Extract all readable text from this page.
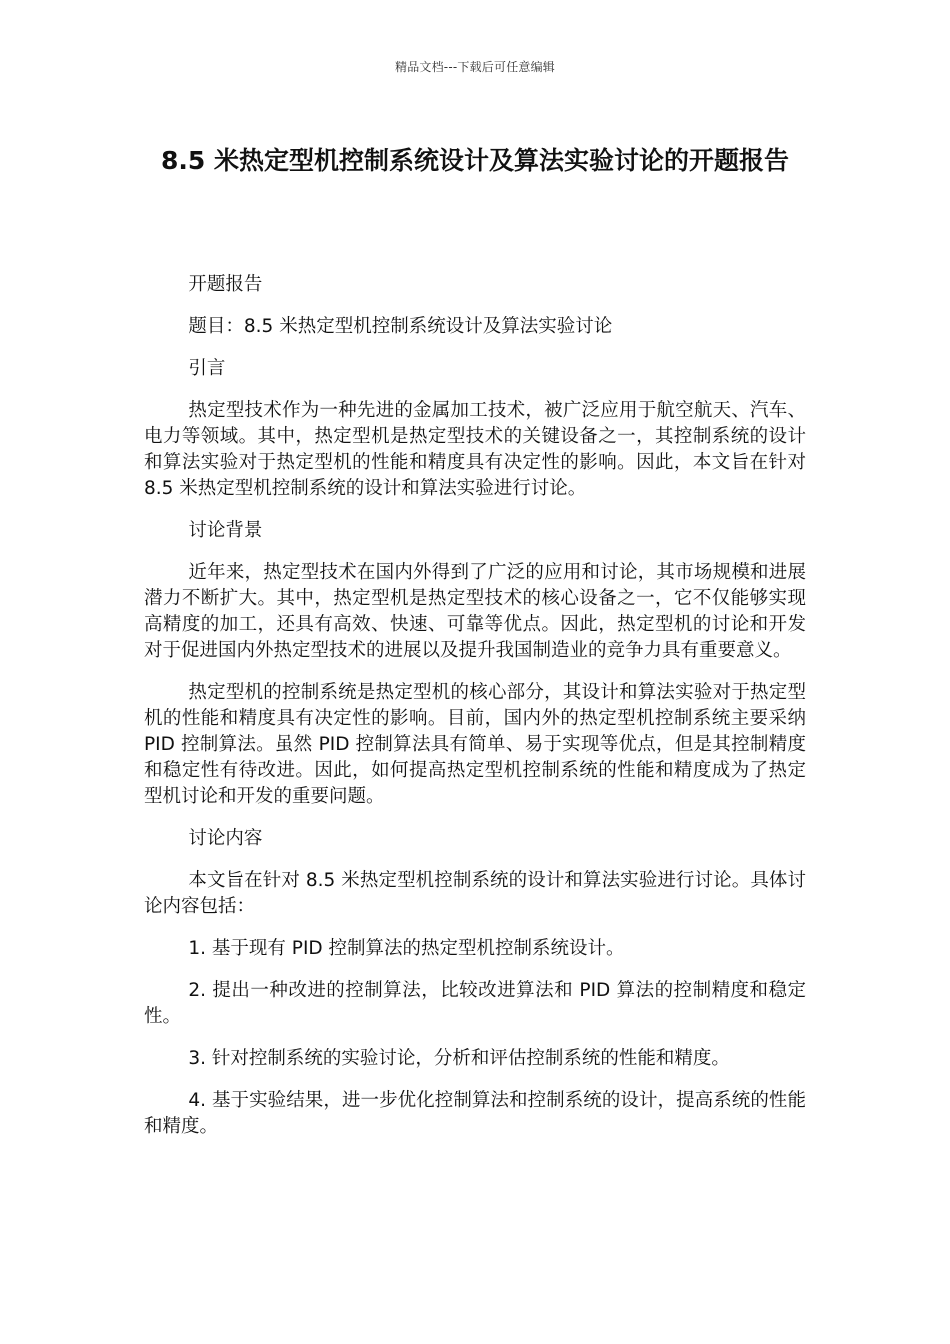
精品文档---下载后可任意编辑
8.5 米热定型机控制系统设计及算法实验讨论的开题报告

开题报告

题目：8.5 米热定型机控制系统设计及算法实验讨论

引言

热定型技术作为一种先进的金属加工技术，被广泛应用于航空航天、汽车、电力等领域。其中，热定型机是热定型技术的关键设备之一，其控制系统的设计和算法实验对于热定型机的性能和精度具有决定性的影响。因此，本文旨在针对 8.5 米热定型机控制系统的设计和算法实验进行讨论。

讨论背景

近年来，热定型技术在国内外得到了广泛的应用和讨论，其市场规模和进展潜力不断扩大。其中，热定型机是热定型技术的核心设备之一，它不仅能够实现高精度的加工，还具有高效、快速、可靠等优点。因此，热定型机的讨论和开发对于促进国内外热定型技术的进展以及提升我国制造业的竞争力具有重要意义。

热定型机的控制系统是热定型机的核心部分，其设计和算法实验对于热定型机的性能和精度具有决定性的影响。目前，国内外的热定型机控制系统主要采纳 PID 控制算法。虽然 PID 控制算法具有简单、易于实现等优点，但是其控制精度和稳定性有待改进。因此，如何提高热定型机控制系统的性能和精度成为了热定型机讨论和开发的重要问题。

讨论内容

本文旨在针对 8.5 米热定型机控制系统的设计和算法实验进行讨论。具体讨论内容包括：

1. 基于现有 PID 控制算法的热定型机控制系统设计。

2. 提出一种改进的控制算法，比较改进算法和 PID 算法的控制精度和稳定性。

3. 针对控制系统的实验讨论，分析和评估控制系统的性能和精度。

4. 基于实验结果，进一步优化控制算法和控制系统的设计，提高系统的性能和精度。
